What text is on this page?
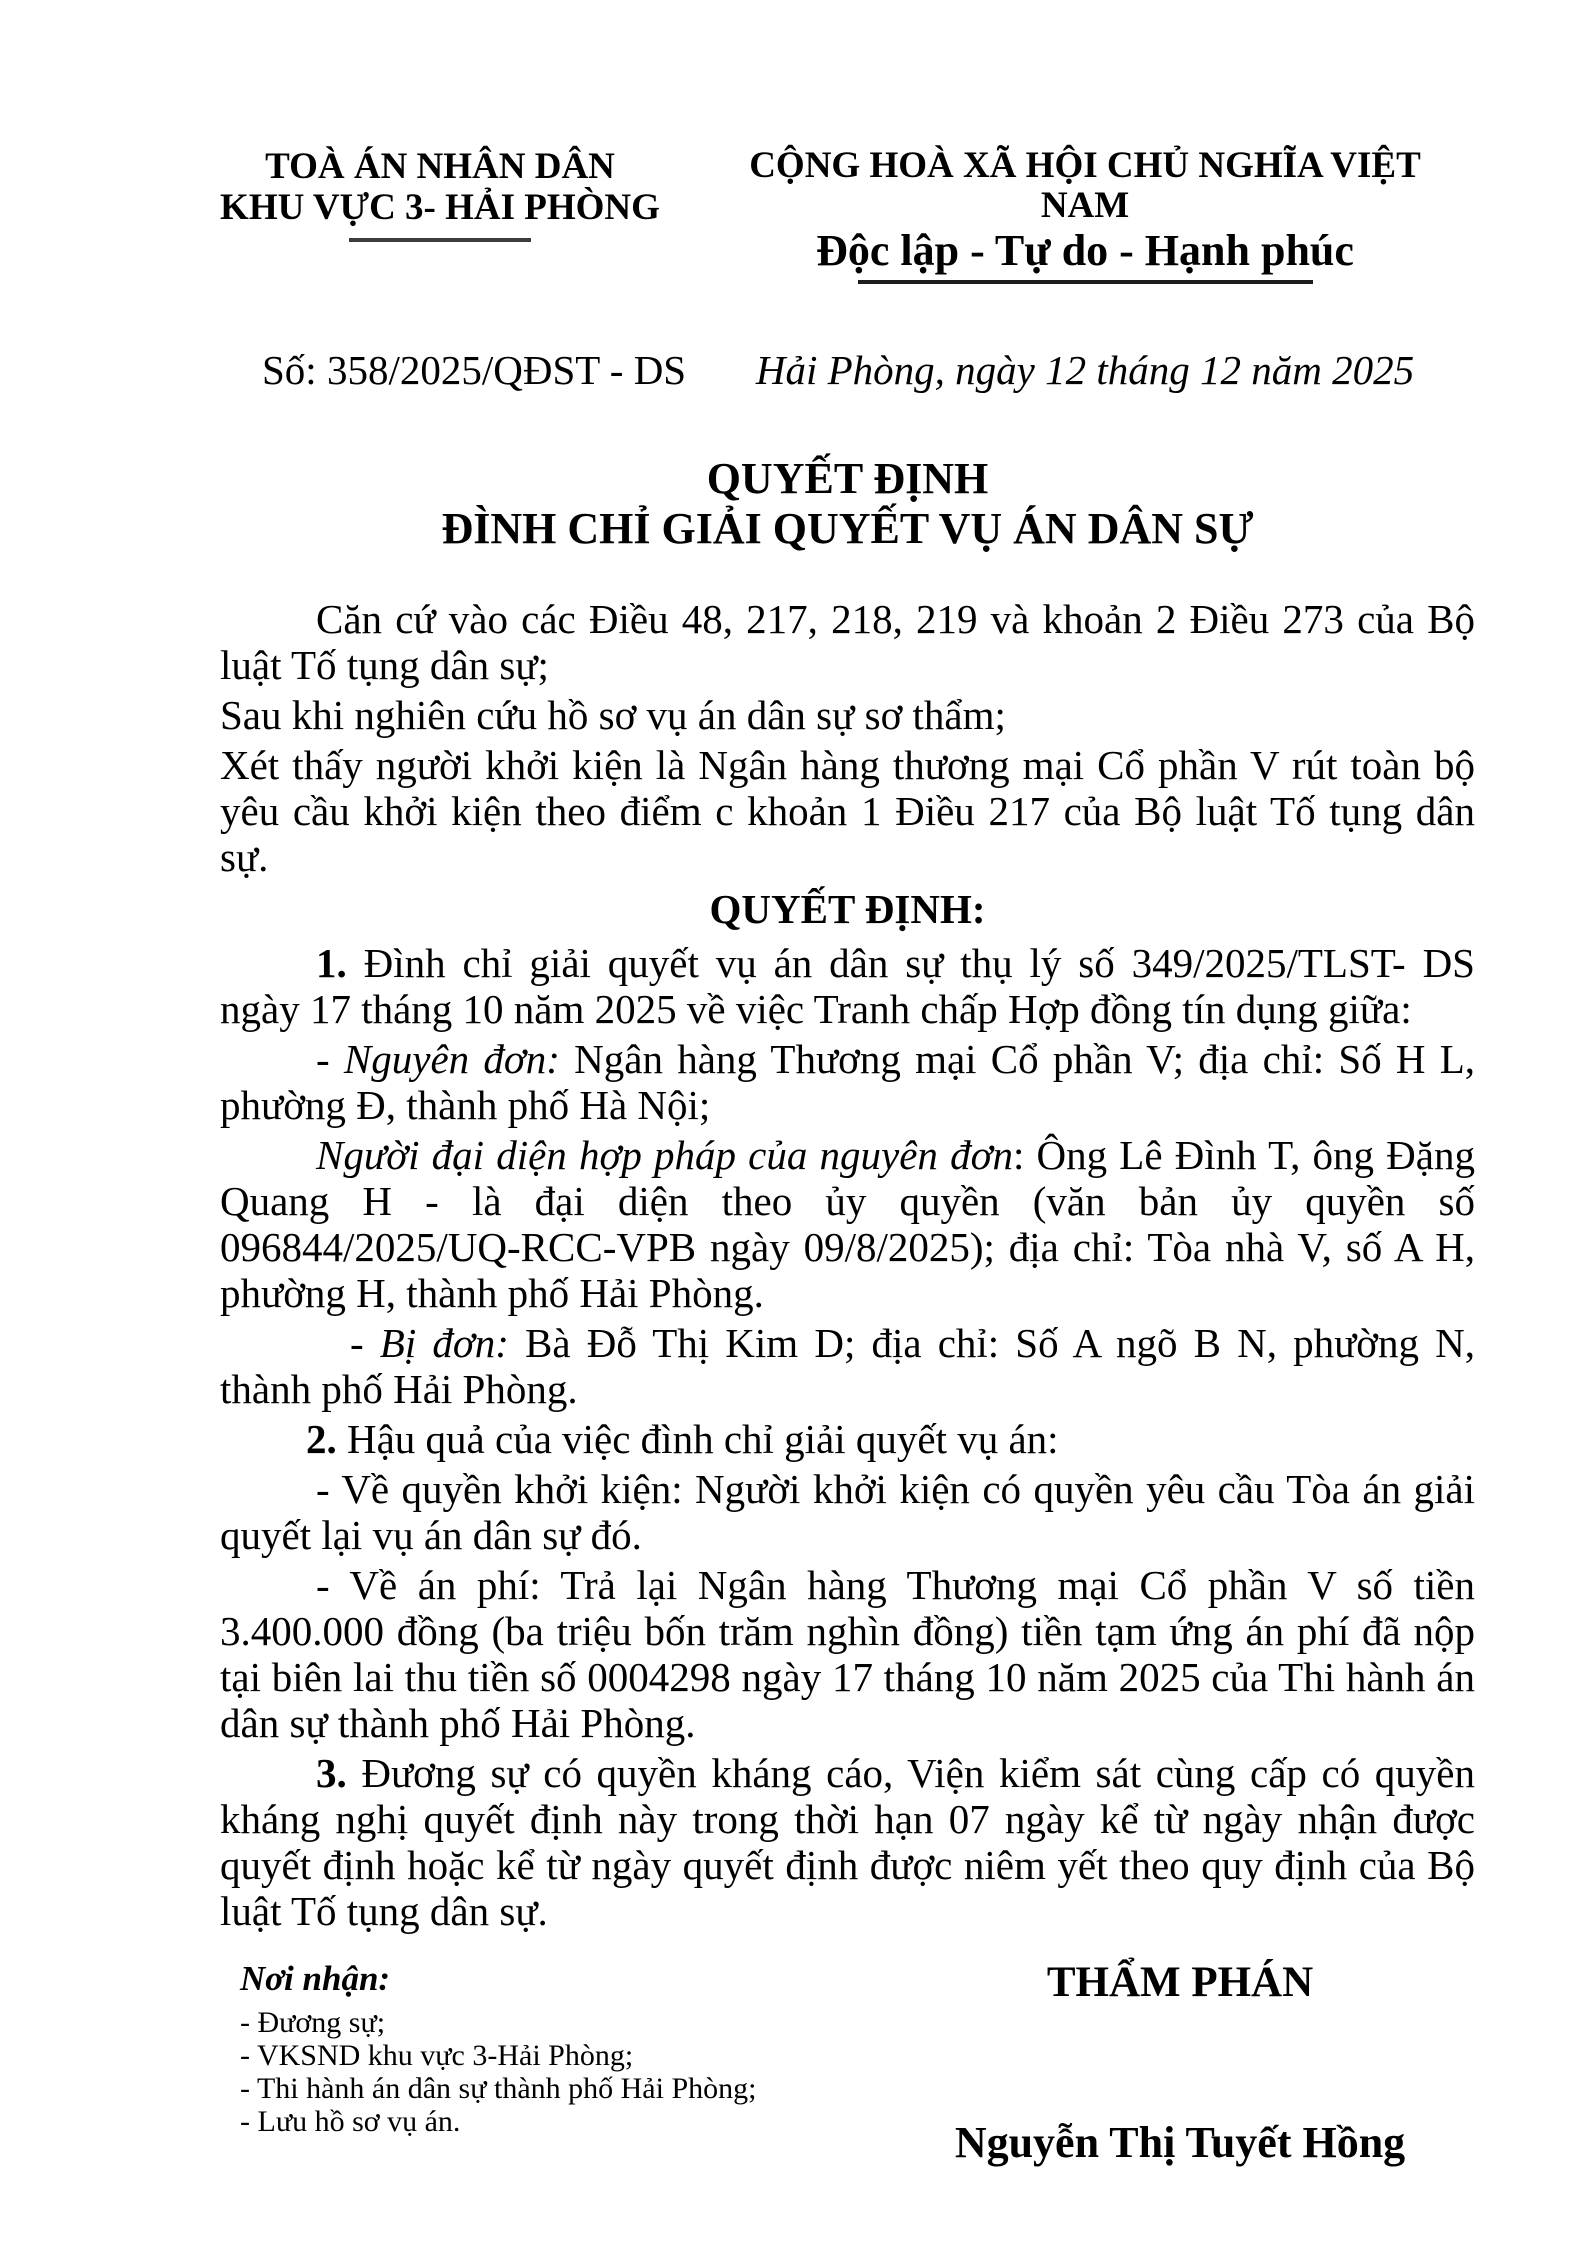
TOÀ ÁN NHÂN DÂN
KHU VỰC 3- HẢI PHÒNG
CỘNG HOÀ XÃ HỘI CHỦ NGHĨA VIỆT NAM
Độc lập - Tự do - Hạnh phúc
Số: 358/2025/QĐST - DS	Hải Phòng, ngày 12 tháng 12 năm 2025
QUYẾT ĐỊNH
ĐÌNH CHỈ GIẢI QUYẾT VỤ ÁN DÂN SỰ

Căn cứ vào các Điều 48, 217, 218, 219 và khoản 2 Điều 273 của Bộ luật Tố tụng dân sự;

Sau khi nghiên cứu hồ sơ vụ án dân sự sơ thẩm;

Xét thấy người khởi kiện là Ngân hàng thương mại Cổ phần V rút toàn bộ yêu cầu khởi kiện theo điểm c khoản 1 Điều 217 của Bộ luật Tố tụng dân sự.

QUYẾT ĐỊNH:

1. Đình chỉ giải quyết vụ án dân sự thụ lý số 349/2025/TLST- DS ngày 17 tháng 10 năm 2025 về việc Tranh chấp Hợp đồng tín dụng giữa:

- Nguyên đơn: Ngân hàng Thương mại Cổ phần V; địa chỉ: Số H L, phường Đ, thành phố Hà Nội;

Người đại diện hợp pháp của nguyên đơn: Ông Lê Đình T, ông Đặng Quang H - là đại diện theo ủy quyền (văn bản ủy quyền số 096844/2025/UQ-RCC-VPB ngày 09/8/2025); địa chỉ: Tòa nhà V, số A H, phường H, thành phố Hải Phòng.

- Bị đơn: Bà Đỗ Thị Kim D; địa chỉ: Số A ngõ B N, phường N, thành phố Hải Phòng.

2. Hậu quả của việc đình chỉ giải quyết vụ án:

- Về quyền khởi kiện: Người khởi kiện có quyền yêu cầu Tòa án giải quyết lại vụ án dân sự đó.

- Về án phí: Trả lại Ngân hàng Thương mại Cổ phần V số tiền 3.400.000 đồng (ba triệu bốn trăm nghìn đồng) tiền tạm ứng án phí đã nộp tại biên lai thu tiền số 0004298 ngày 17 tháng 10 năm 2025 của Thi hành án dân sự thành phố Hải Phòng.

3. Đương sự có quyền kháng cáo, Viện kiểm sát cùng cấp có quyền kháng nghị quyết định này trong thời hạn 07 ngày kể từ ngày nhận được quyết định hoặc kể từ ngày quyết định được niêm yết theo quy định của Bộ luật Tố tụng dân sự.

Nơi nhận:
- Đương sự;
- VKSND khu vực 3-Hải Phòng;
- Thi hành án dân sự thành phố Hải Phòng;
- Lưu hồ sơ vụ án.
THẨM PHÁN
Nguyễn Thị Tuyết Hồng
